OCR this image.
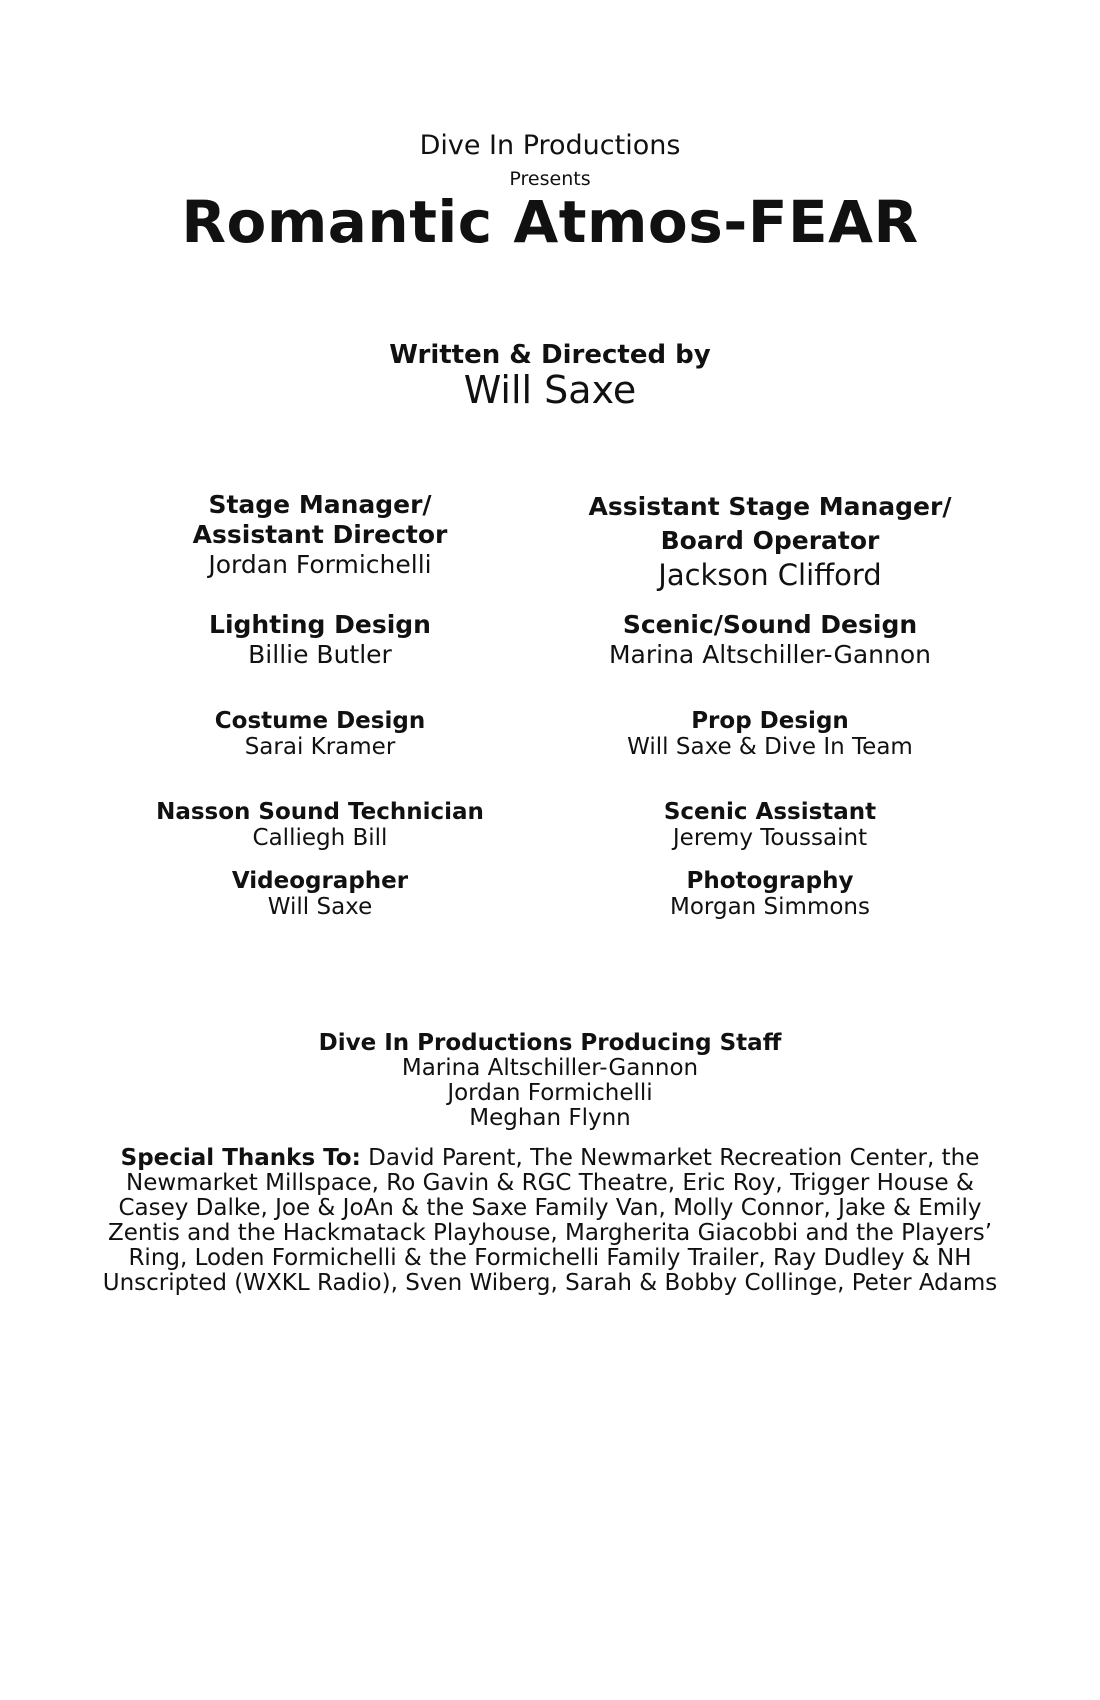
Dive In Productions
Presents
Romantic Atmos-FEAR
Written & Directed by
Will Saxe
Stage Manager/
Assistant Director
Jordan Formichelli
Lighting Design
Billie Butler
Costume Design
Sarai Kramer
Nasson Sound Technician
Calliegh Bill
Videographer
Will Saxe
Assistant Stage Manager/
Board Operator
Jackson Clifford
Scenic/Sound Design
Marina Altschiller-Gannon
Prop Design
Will Saxe & Dive In Team
Scenic Assistant
Jeremy Toussaint
Photography
Morgan Simmons
Dive In Productions Producing Staff
Marina Altschiller-Gannon
Jordan Formichelli
Meghan Flynn
Special Thanks To: David Parent, The Newmarket Recreation Center, the
Newmarket Millspace, Ro Gavin & RGC Theatre, Eric Roy, Trigger House &
Casey Dalke, Joe & JoAn & the Saxe Family Van, Molly Connor, Jake & Emily
Zentis and the Hackmatack Playhouse, Margherita Giacobbi and the Players’
Ring, Loden Formichelli & the Formichelli Family Trailer, Ray Dudley & NH
Unscripted (WXKL Radio), Sven Wiberg, Sarah & Bobby Collinge, Peter Adams
